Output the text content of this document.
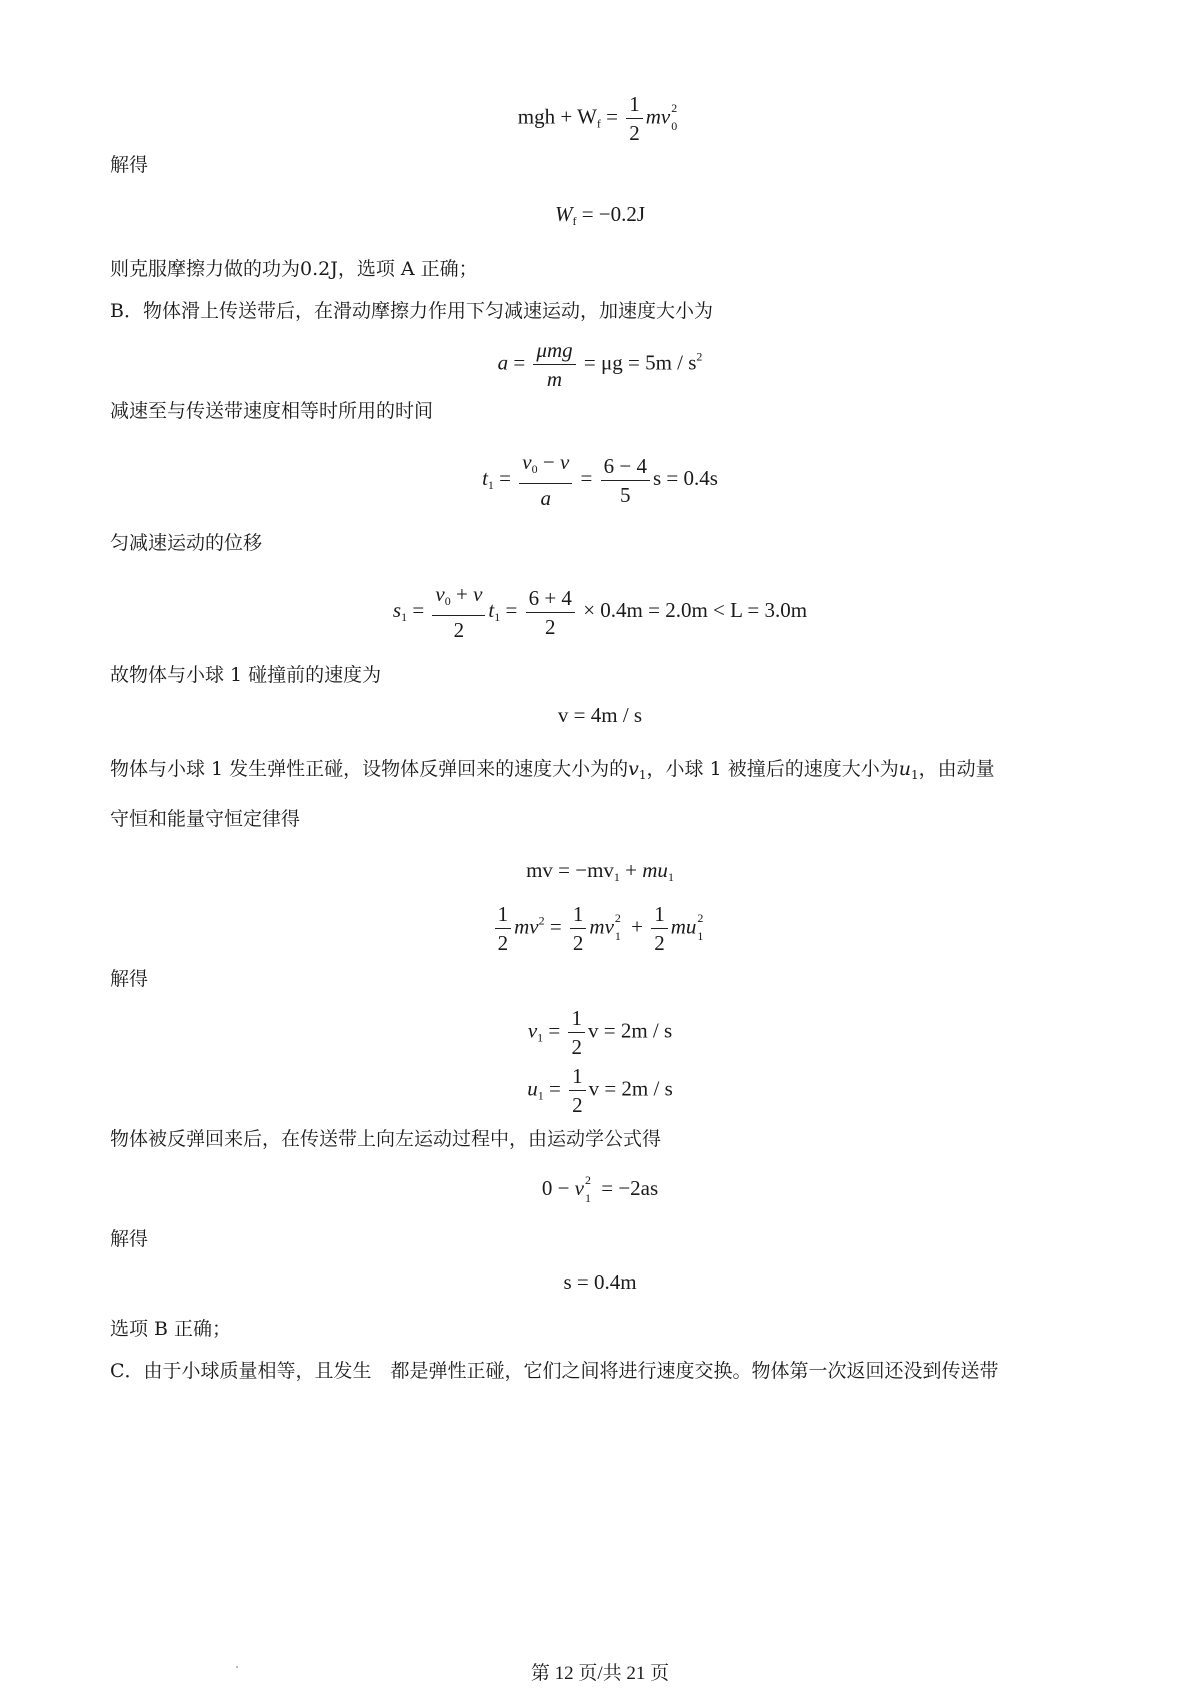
mgh + $W_f = \frac{1}{2}$ mv 2
0
解得
$W_f = -0.2J$
则克服摩擦力做的功为0.2J，选项 A 正确；
B．物体滑上传送带后，在滑动摩擦力作用下匀减速运动，加速度大小为
$a = \frac{\text{μmg}}{m} = \mu g = 5m / s^2$
减速至与传送带速度相等时所用的时间
$t_1 = \frac{v_0 - v}{a} = \frac{6 - 4}{5}$ s = 0.4s
匀减速运动的位移
$s_1 = \frac{v_0 + v}{2} t_1 = \frac{6 + 4}{2} \times 0.4m = 2.0m < L = 3.0m$
故物体与小球 1 碰撞前的速度为
v = 4m / s
物体与小球 1 发生弹性正碰，设物体反弹回来的速度大小为的$v_1$，小球 1 被撞后的速度大小为$u_1$，由动量
守恒和能量守恒定律得
mv = $-mv_1 + mu_1$
$\frac{1}{2} mv^2 = \frac{1}{2}$ mv 2
$1 + \frac{1}{2}$ mu 2
1
解得
$v_1 = \frac{1}{2}$ v = 2m / s
$u_1 = \frac{1}{2}$ v = 2m / s
物体被反弹回来后，在传送带上向左运动过程中，由运动学公式得
0 − v 2
1 = −2as
解得
s = 0.4m
选项 B 正确；
C．由于小球质量相等，且发生　都是弹性正碰，它们之间将进行速度交换。物体第一次返回还没到传送带
第 12 页/共 21 页
